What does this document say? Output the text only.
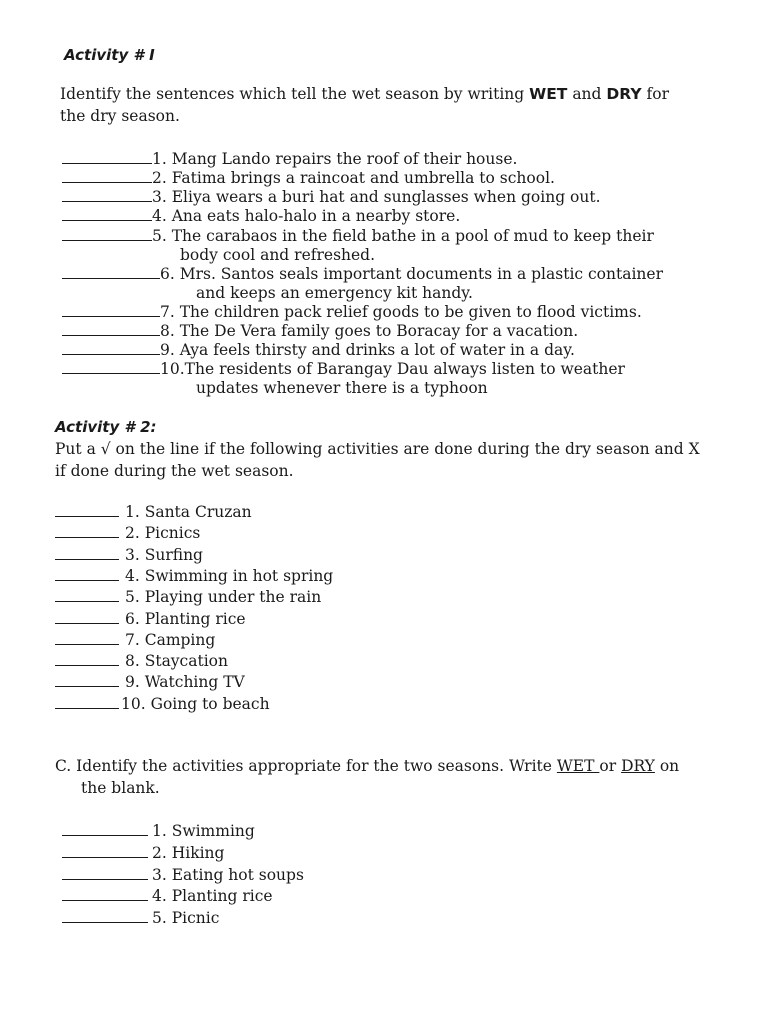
Activity # I
Identify the sentences which tell the wet season by writing WET and DRY for
the dry season.
1. Mang Lando repairs the roof of their house.
2. Fatima brings a raincoat and umbrella to school.
3. Eliya wears a buri hat and sunglasses when going out.
4. Ana eats halo-halo in a nearby store.
5. The carabaos in the field bathe in a pool of mud to keep their
body cool and refreshed.
6. Mrs. Santos seals important documents in a plastic container
and keeps an emergency kit handy.
7. The children pack relief goods to be given to flood victims.
8. The De Vera family goes to Boracay for a vacation.
9. Aya feels thirsty and drinks a lot of water in a day.
10.The residents of Barangay Dau always listen to weather
updates whenever there is a typhoon
Activity # 2:
Put a √ on the line if the following activities are done during the dry season and X
if done during the wet season.
1. Santa Cruzan
2. Picnics
3. Surfing
4. Swimming in hot spring
5. Playing under the rain
6. Planting rice
7. Camping
8. Staycation
9. Watching TV
10. Going to beach
C. Identify the activities appropriate for the two seasons. Write WET or DRY on
the blank.
1. Swimming
2. Hiking
3. Eating hot soups
4. Planting rice
5. Picnic
